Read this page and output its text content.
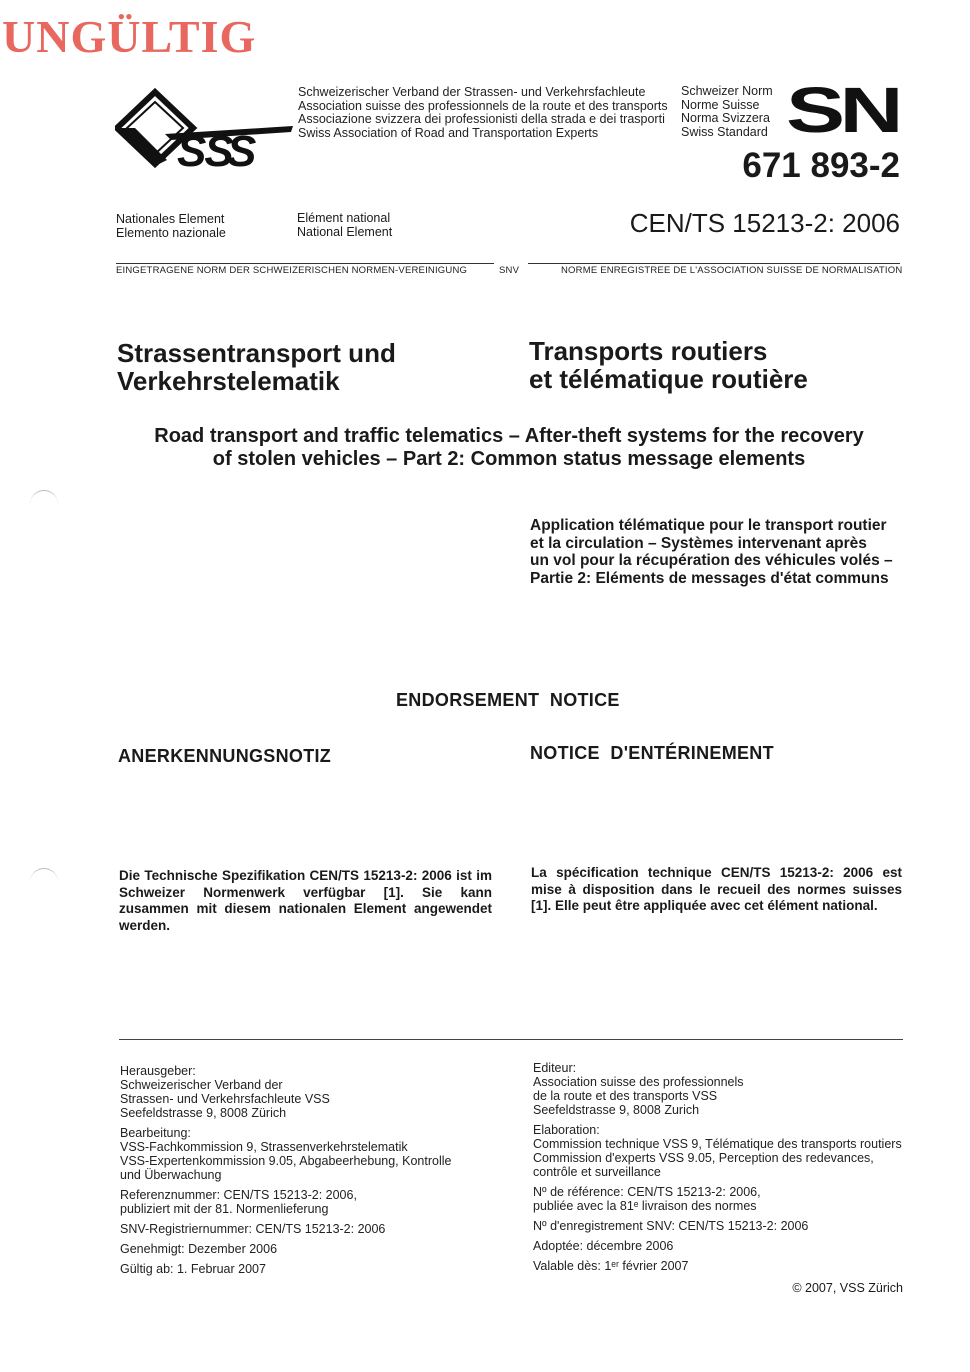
UNGÜLTIG
SS
S
Schweizerischer Verband der Strassen- und Verkehrsfachleute
Association suisse des professionnels de la route et des transports
Associazione svizzera dei professionisti della strada e dei trasporti
Swiss Association of Road and Transportation Experts
Schweizer Norm
Norme Suisse
Norma Svizzera
Swiss Standard SN
671 893-2
Nationales Element
Elemento nazionale
Elément national
National Element	CEN/TS 15213-2: 2006
EINGETRAGENE NORM DER SCHWEIZERISCHEN NORMEN-VEREINIGUNG	SNV	NORME ENREGISTREE DE L'ASSOCIATION SUISSE DE NORMALISATION
Strassentransport und
Verkehrstelematik
Transports routiers
et télématique routière
Road transport and traffic telematics – After-theft systems for the recovery
of stolen vehicles – Part 2: Common status message elements
Application télématique pour le transport routier
et la circulation – Systèmes intervenant après
un vol pour la récupération des véhicules volés –
Partie 2: Eléments de messages d'état communs
ENDORSEMENT  NOTICE
ANERKENNUNGSNOTIZ	NOTICE  D'ENTÉRINEMENT
Die Technische Spezifikation CEN/TS 15213-2: 2006 ist im Schweizer Normenwerk verfügbar [1]. Sie kann zusammen mit diesem nationalen Element angewendet werden.
La spécification technique CEN/TS 15213-2: 2006 est mise à disposition dans le recueil des normes suisses [1]. Elle peut être appliquée avec cet élément national.

Herausgeber:
Schweizerischer Verband der
Strassen- und Verkehrsfachleute VSS
Seefeldstrasse 9, 8008 Zürich

Bearbeitung:
VSS-Fachkommission 9, Strassenverkehrstelematik
VSS-Expertenkommission 9.05, Abgabeerhebung, Kontrolle
und Überwachung

Referenznummer: CEN/TS 15213-2: 2006,
publiziert mit der 81. Normenlieferung

SNV-Registriernummer: CEN/TS 15213-2: 2006

Genehmigt: Dezember 2006

Gültig ab: 1. Februar 2007

Editeur:
Association suisse des professionnels
de la route et des transports VSS
Seefeldstrasse 9, 8008 Zurich

Elaboration:
Commission technique VSS 9, Télématique des transports routiers
Commission d'experts VSS 9.05, Perception des redevances,
contrôle et surveillance

Nº de référence: CEN/TS 15213-2: 2006,
publiée avec la 81ᵉ livraison des normes

Nº d'enregistrement SNV: CEN/TS 15213-2: 2006

Adoptée: décembre 2006

Valable dès: 1ᵉʳ février 2007

© 2007, VSS Zürich
